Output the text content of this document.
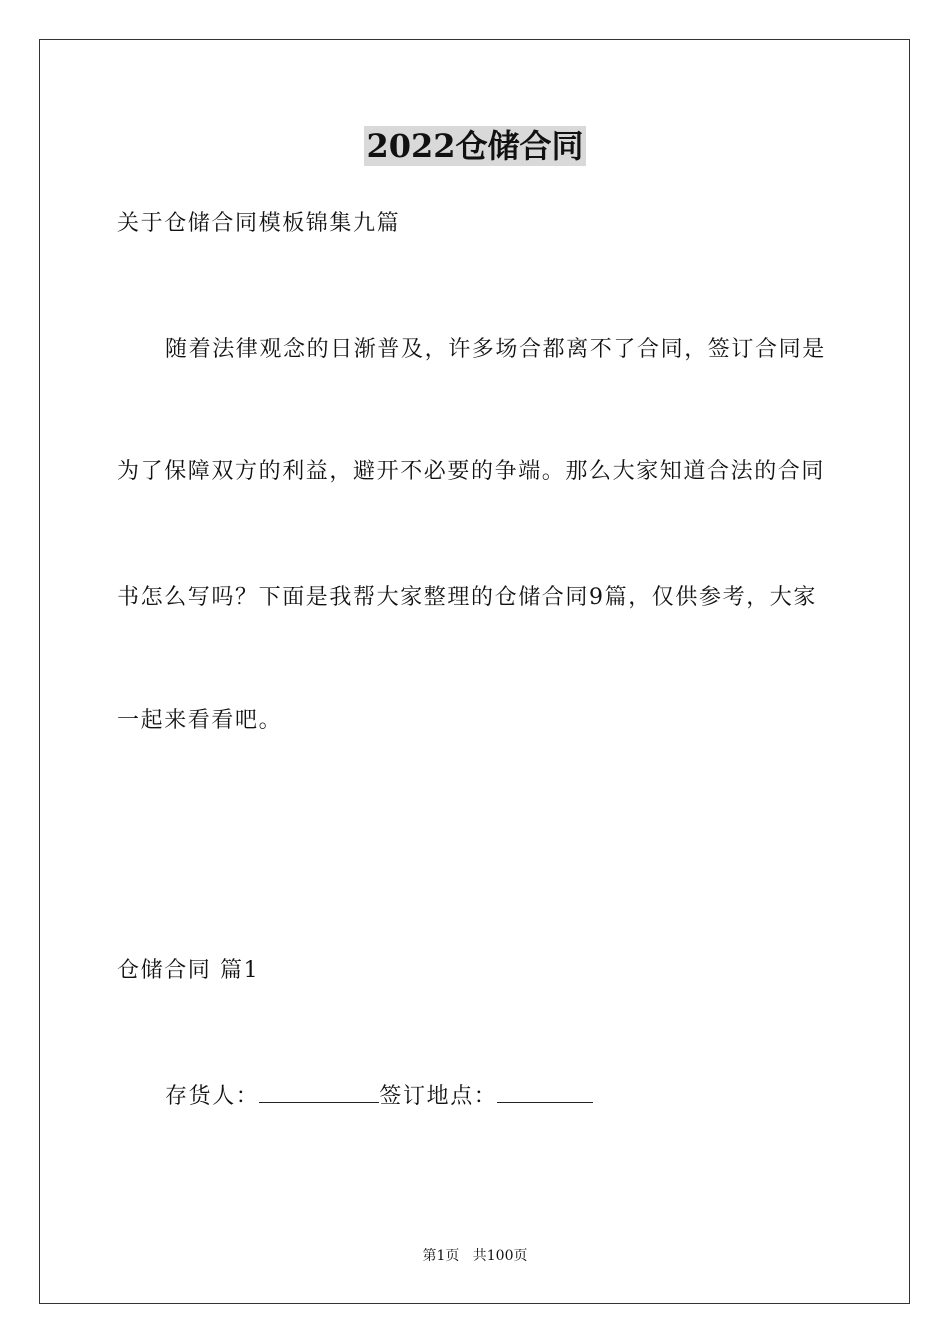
2022仓储合同
关于仓储合同模板锦集九篇
随着法律观念的日渐普及，许多场合都离不了合同，签订合同是
为了保障双方的利益，避开不必要的争端。那么大家知道合法的合同
书怎么写吗？下面是我帮大家整理的仓储合同9篇，仅供参考，大家
一起来看看吧。
仓储合同 篇1
存货人：	签订地点：
第1页   共100页
